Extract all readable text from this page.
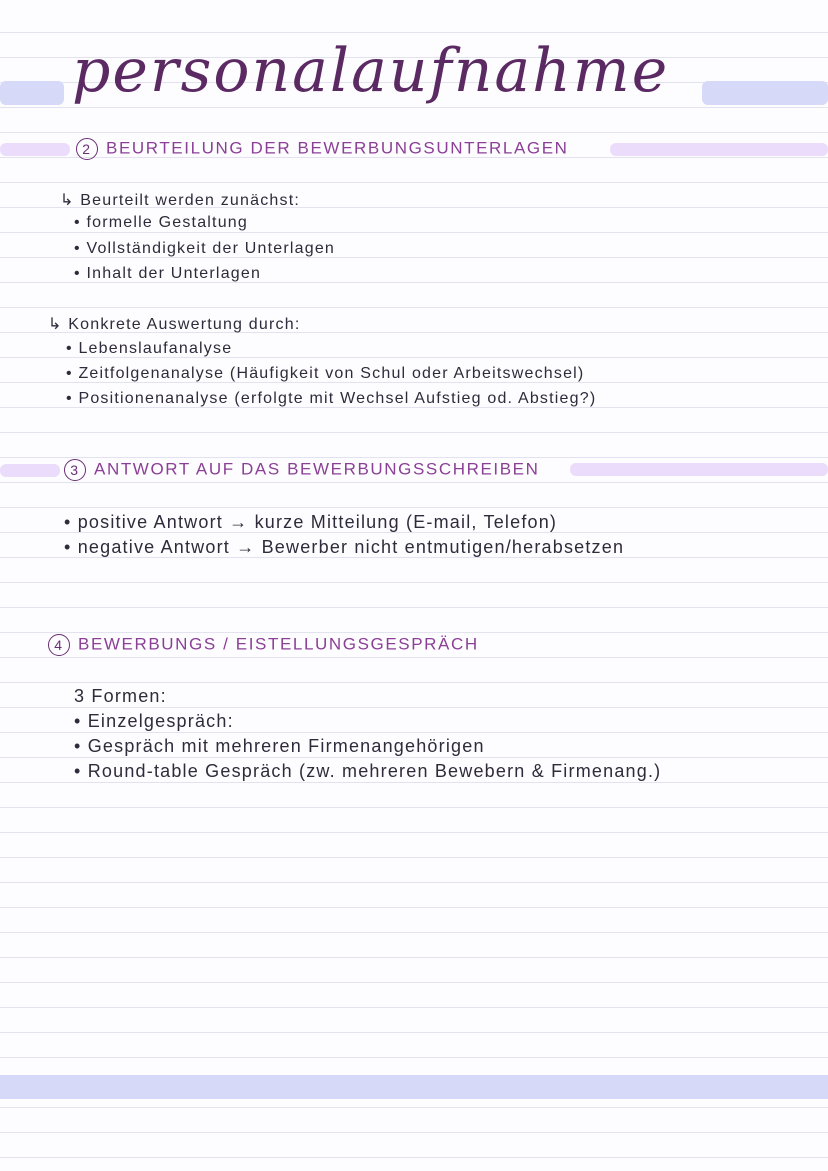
personalaufnahme
2 BEURTEILUNG DER BEWERBUNGSUNTERLAGEN
↳ Beurteilt werden zunächst:
• formelle Gestaltung
• Vollständigkeit der Unterlagen
• Inhalt der Unterlagen
↳ Konkrete Auswertung durch:
• Lebenslaufanalyse
• Zeitfolgenanalyse (Häufigkeit von Schul oder Arbeitswechsel)
• Positionenanalyse (erfolgte mit Wechsel Aufstieg od. Abstieg?)
3 ANTWORT AUF DAS BEWERBUNGSSCHREIBEN
• positive Antwort → kurze Mitteilung (E-mail, Telefon)
• negative Antwort → Bewerber nicht entmutigen/herabsetzen
4 BEWERBUNGS / EISTELLUNGSGESPRÄCH
3 Formen:
• Einzelgespräch:
• Gespräch mit mehreren Firmenangehörigen
• Round-table Gespräch (zw. mehreren Bewebern & Firmenang.)
